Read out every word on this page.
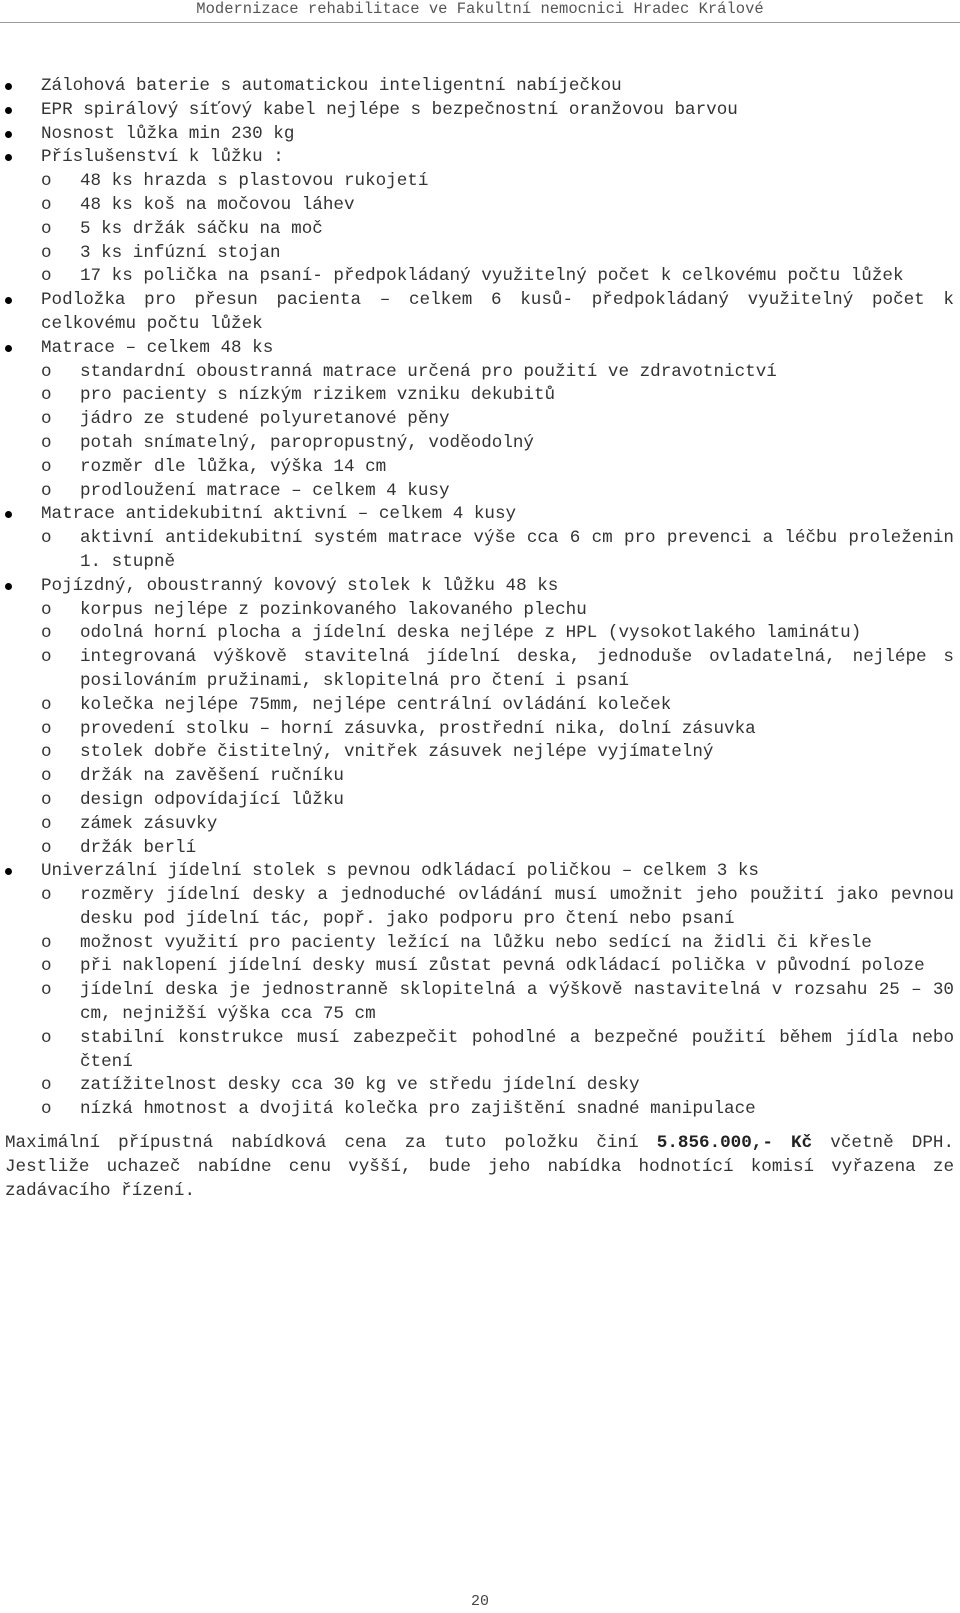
Modernizace rehabilitace ve Fakultní nemocnici Hradec Králové
Zálohová baterie s automatickou inteligentní nabíječkou
EPR spirálový síťový kabel nejlépe s bezpečnostní oranžovou barvou
Nosnost lůžka min 230 kg
Příslušenství k lůžku :
o 48 ks hrazda s plastovou rukojetí
o 48 ks koš na močovou láhev
o 5 ks držák sáčku na moč
o 3 ks infúzní stojan
o 17 ks polička na psaní- předpokládaný využitelný počet k celkovému počtu lůžek
Podložka pro přesun pacienta – celkem 6 kusů- předpokládaný využitelný počet k celkovému počtu lůžek
Matrace – celkem 48 ks
o standardní oboustranná matrace určená pro použití ve zdravotnictví
o pro pacienty s nízkým rizikem vzniku dekubitů
o jádro ze studené polyuretanové pěny
o potah snímatelný, paropropustný, voděodolný
o rozměr dle lůžka, výška 14 cm
o prodloužení matrace – celkem 4 kusy
Matrace antidekubitní aktivní – celkem 4 kusy
o aktivní antidekubitní systém matrace výše cca 6 cm pro prevenci a léčbu proleženin 1. stupně
Pojízdný, oboustranný kovový stolek k lůžku 48 ks
o korpus nejlépe z pozinkovaného lakovaného plechu
o odolná horní plocha a jídelní deska nejlépe z HPL (vysokotlakého laminátu)
o integrovaná výškově stavitelná jídelní deska, jednoduše ovladatelná, nejlépe s posilováním pružinami, sklopitelná pro čtení i psaní
o kolečka nejlépe 75mm, nejlépe centrální ovládání koleček
o provedení stolku – horní zásuvka, prostřední nika, dolní zásuvka
o stolek dobře čistitelný, vnitřek zásuvek nejlépe vyjímatelný
o držák na zavěšení ručníku
o design odpovídající lůžku
o zámek zásuvky
o držák berlí
Univerzální jídelní stolek s pevnou odkládací poličkou – celkem 3 ks
o rozměry jídelní desky a jednoduché ovládání musí umožnit jeho použití jako pevnou desku pod jídelní tác, popř. jako podporu pro čtení nebo psaní
o možnost využití pro pacienty ležící na lůžku nebo sedící na židli či křesle
o při naklopení jídelní desky musí zůstat pevná odkládací polička v původní poloze
o jídelní deska je jednostranně sklopitelná a výškově nastavitelná v rozsahu 25 – 30 cm, nejnižší výška cca 75 cm
o stabilní konstrukce musí zabezpečit pohodlné a bezpečné použití během jídla nebo čtení
o zatížitelnost desky cca 30 kg ve středu jídelní desky
o nízká hmotnost a dvojitá kolečka pro zajištění snadné manipulace
Maximální přípustná nabídková cena za tuto položku činí 5.856.000,- Kč včetně DPH. Jestliže uchazeč nabídne cenu vyšší, bude jeho nabídka hodnotící komisí vyřazena ze zadávacího řízení.
20
